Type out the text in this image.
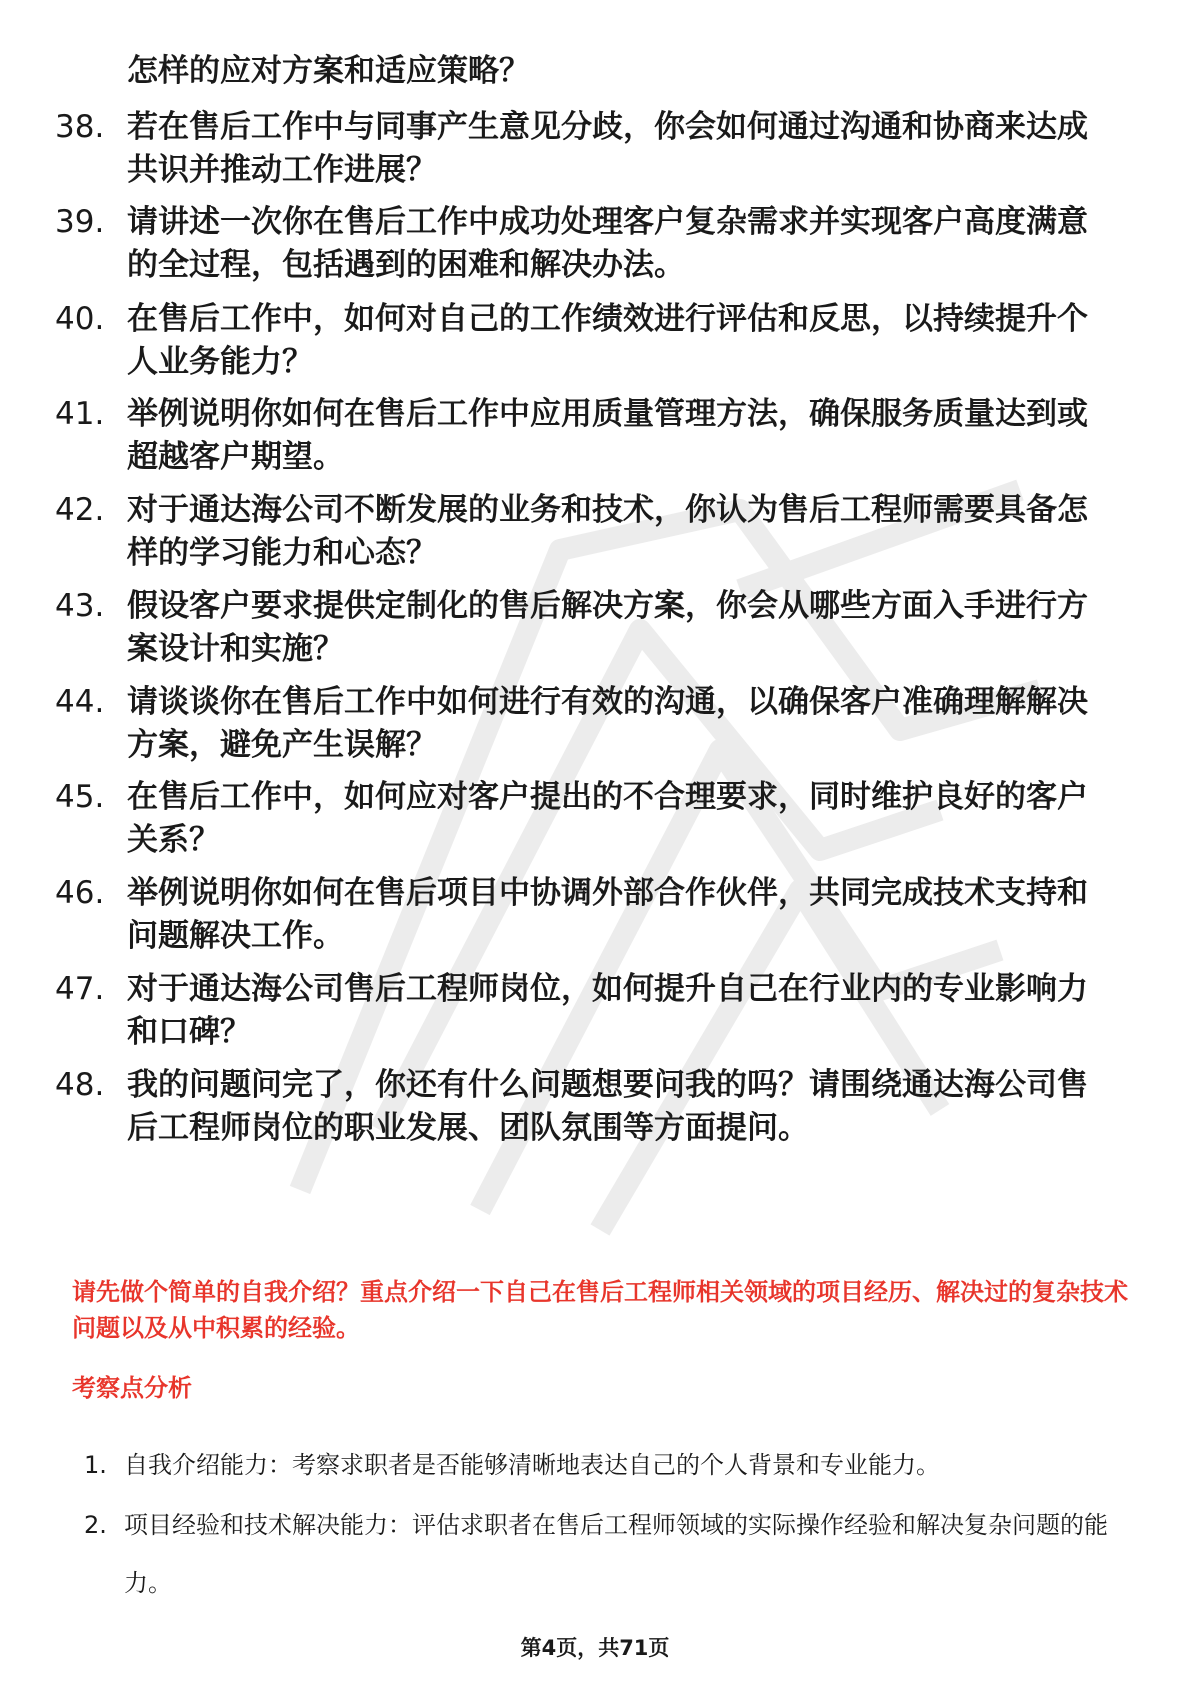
怎样的应对方案和适应策略？
38. 若在售后工作中与同事产生意见分歧，你会如何通过沟通和协商来达成共识并推动工作进展？
39. 请讲述一次你在售后工作中成功处理客户复杂需求并实现客户高度满意的全过程，包括遇到的困难和解决办法。
40. 在售后工作中，如何对自己的工作绩效进行评估和反思，以持续提升个人业务能力？
41. 举例说明你如何在售后工作中应用质量管理方法，确保服务质量达到或超越客户期望。
42. 对于通达海公司不断发展的业务和技术，你认为售后工程师需要具备怎样的学习能力和心态？
43. 假设客户要求提供定制化的售后解决方案，你会从哪些方面入手进行方案设计和实施？
44. 请谈谈你在售后工作中如何进行有效的沟通，以确保客户准确理解解决方案，避免产生误解？
45. 在售后工作中，如何应对客户提出的不合理要求，同时维护良好的客户关系？
46. 举例说明你如何在售后项目中协调外部合作伙伴，共同完成技术支持和问题解决工作。
47. 对于通达海公司售后工程师岗位，如何提升自己在行业内的专业影响力和口碑？
48. 我的问题问完了，你还有什么问题想要问我的吗？请围绕通达海公司售后工程师岗位的职业发展、团队氛围等方面提问。
请先做个简单的自我介绍？重点介绍一下自己在售后工程师相关领域的项目经历、解决过的复杂技术问题以及从中积累的经验。
考察点分析
1. 自我介绍能力：考察求职者是否能够清晰地表达自己的个人背景和专业能力。
2. 项目经验和技术解决能力：评估求职者在售后工程师领域的实际操作经验和解决复杂问题的能力。
第4页，共71页
